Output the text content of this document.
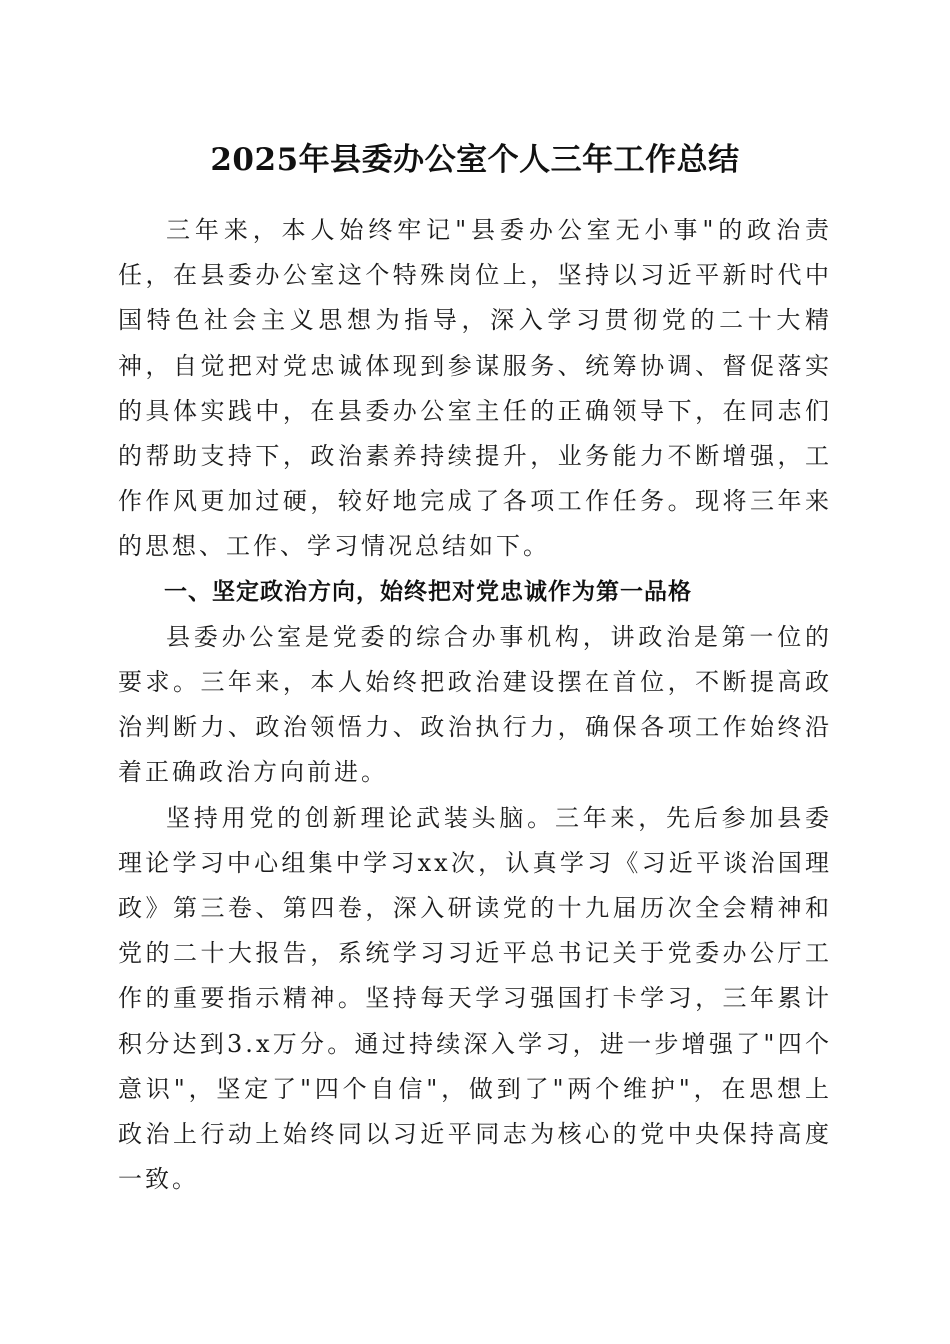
2025年县委办公室个人三年工作总结

三年来，本人始终牢记"县委办公室无小事"的政治责任，在县委办公室这个特殊岗位上，坚持以习近平新时代中国特色社会主义思想为指导，深入学习贯彻党的二十大精神，自觉把对党忠诚体现到参谋服务、统筹协调、督促落实的具体实践中，在县委办公室主任的正确领导下，在同志们的帮助支持下，政治素养持续提升，业务能力不断增强，工作作风更加过硬，较好地完成了各项工作任务。现将三年来的思想、工作、学习情况总结如下。

一、坚定政治方向，始终把对党忠诚作为第一品格

县委办公室是党委的综合办事机构，讲政治是第一位的要求。三年来，本人始终把政治建设摆在首位，不断提高政治判断力、政治领悟力、政治执行力，确保各项工作始终沿着正确政治方向前进。

坚持用党的创新理论武装头脑。三年来，先后参加县委理论学习中心组集中学习xx次，认真学习《习近平谈治国理政》第三卷、第四卷，深入研读党的十九届历次全会精神和党的二十大报告，系统学习习近平总书记关于党委办公厅工作的重要指示精神。坚持每天学习强国打卡学习，三年累计积分达到3.x万分。通过持续深入学习，进一步增强了"四个意识"，坚定了"四个自信"，做到了"两个维护"，在思想上政治上行动上始终同以习近平同志为核心的党中央保持高度一致。
